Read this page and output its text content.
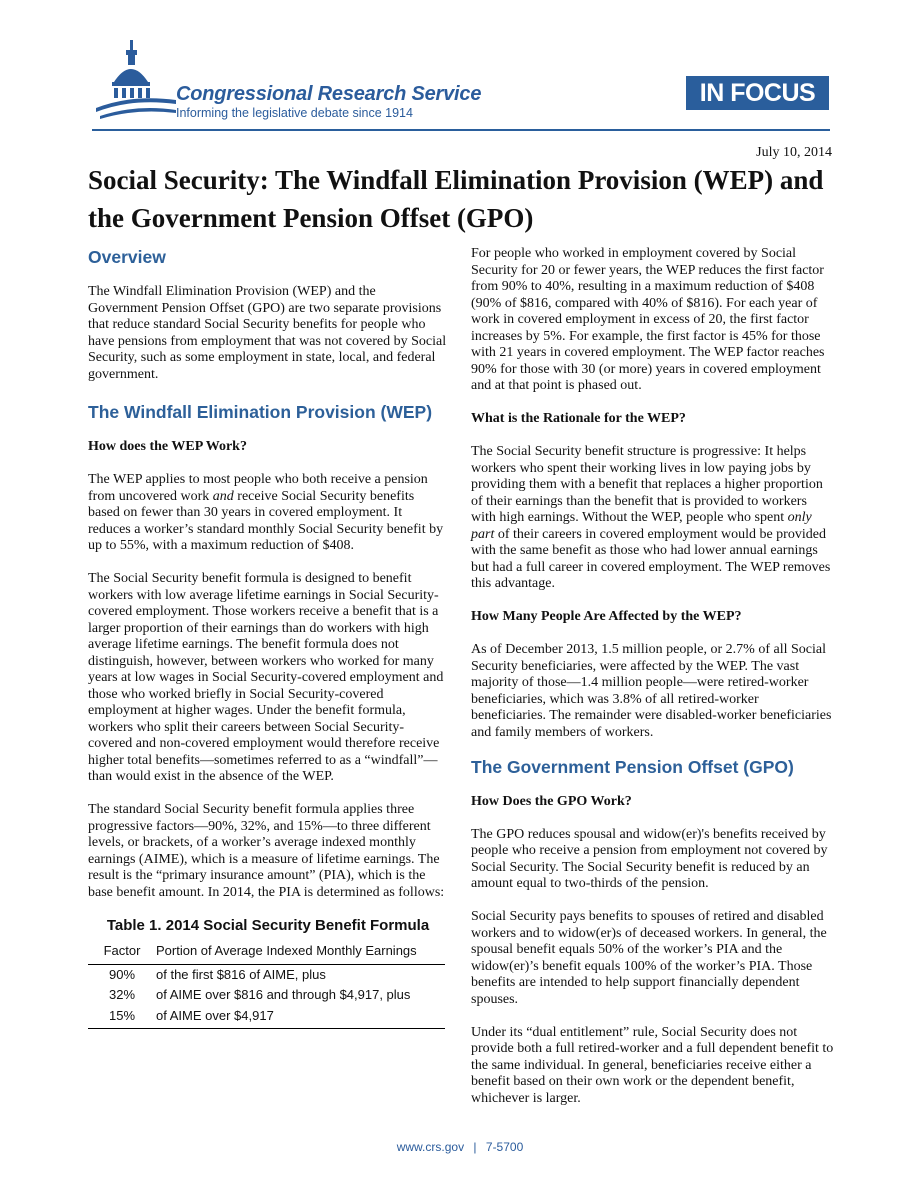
Congressional Research Service
Informing the legislative debate since 1914
IN FOCUS
July 10, 2014
Social Security: The Windfall Elimination Provision (WEP) and the Government Pension Offset (GPO)
Overview

The Windfall Elimination Provision (WEP) and the Government Pension Offset (GPO) are two separate provisions that reduce standard Social Security benefits for people who have pensions from employment that was not covered by Social Security, such as some employment in state, local, and federal government.

The Windfall Elimination Provision (WEP)
How does the WEP Work?

The WEP applies to most people who both receive a pension from uncovered work and receive Social Security benefits based on fewer than 30 years in covered employment. It reduces a worker’s standard monthly Social Security benefit by up to 55%, with a maximum reduction of $408.

The Social Security benefit formula is designed to benefit workers with low average lifetime earnings in Social Security-covered employment. Those workers receive a benefit that is a larger proportion of their earnings than do workers with high average lifetime earnings. The benefit formula does not distinguish, however, between workers who worked for many years at low wages in Social Security-covered employment and those who worked briefly in Social Security-covered employment at higher wages. Under the benefit formula, workers who split their careers between Social Security-covered and non-covered employment would therefore receive higher total benefits—sometimes referred to as a “windfall”—than would exist in the absence of the WEP.

The standard Social Security benefit formula applies three progressive factors—90%, 32%, and 15%—to three different levels, or brackets, of a worker’s average indexed monthly earnings (AIME), which is a measure of lifetime earnings. The result is the “primary insurance amount” (PIA), which is the base benefit amount. In 2014, the PIA is determined as follows:

Table 1. 2014 Social Security Benefit Formula
Factor	Portion of Average Indexed Monthly Earnings
90%	of the first $816 of AIME, plus
32%	of AIME over $816 and through $4,917, plus
15%	of AIME over $4,917

For people who worked in employment covered by Social Security for 20 or fewer years, the WEP reduces the first factor from 90% to 40%, resulting in a maximum reduction of $408 (90% of $816, compared with 40% of $816). For each year of work in covered employment in excess of 20, the first factor increases by 5%. For example, the first factor is 45% for those with 21 years in covered employment. The WEP factor reaches 90% for those with 30 (or more) years in covered employment and at that point is phased out.

What is the Rationale for the WEP?

The Social Security benefit structure is progressive: It helps workers who spent their working lives in low paying jobs by providing them with a benefit that replaces a higher proportion of their earnings than the benefit that is provided to workers with high earnings. Without the WEP, people who spent only part of their careers in covered employment would be provided with the same benefit as those who had lower annual earnings but had a full career in covered employment. The WEP removes this advantage.

How Many People Are Affected by the WEP?

As of December 2013, 1.5 million people, or 2.7% of all Social Security beneficiaries, were affected by the WEP. The vast majority of those—1.4 million people—were retired-worker beneficiaries, which was 3.8% of all retired-worker beneficiaries. The remainder were disabled-worker beneficiaries and family members of workers.

The Government Pension Offset (GPO)
How Does the GPO Work?

The GPO reduces spousal and widow(er)'s benefits received by people who receive a pension from employment not covered by Social Security. The Social Security benefit is reduced by an amount equal to two-thirds of the pension.

Social Security pays benefits to spouses of retired and disabled workers and to widow(er)s of deceased workers. In general, the spousal benefit equals 50% of the worker’s PIA and the widow(er)’s benefit equals 100% of the worker’s PIA. Those benefits are intended to help support financially dependent spouses.

Under its “dual entitlement” rule, Social Security does not provide both a full retired-worker and a full dependent benefit to the same individual. In general, beneficiaries receive either a benefit based on their own work or the dependent benefit, whichever is larger.

www.crs.gov | 7-5700
